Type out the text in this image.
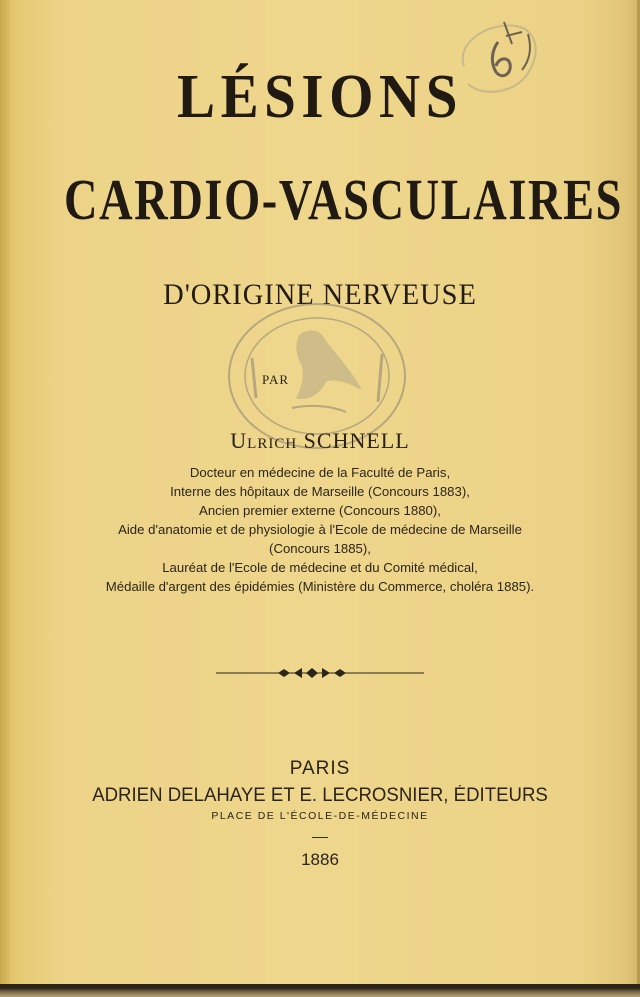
LÉSIONS
CARDIO-VASCULAIRES
D'ORIGINE NERVEUSE
PAR
Ulrich SCHNELL
Docteur en médecine de la Faculté de Paris,
Interne des hôpitaux de Marseille (Concours 1883),
Ancien premier externe (Concours 1880),
Aide d'anatomie et de physiologie à l'Ecole de médecine de Marseille
(Concours 1885),
Lauréat de l'Ecole de médecine et du Comité médical,
Médaille d'argent des épidémies (Ministère du Commerce, choléra 1885).
PARIS
ADRIEN DELAHAYE ET E. LECROSNIER, ÉDITEURS
PLACE DE L'ÉCOLE-DE-MÉDECINE
1886
